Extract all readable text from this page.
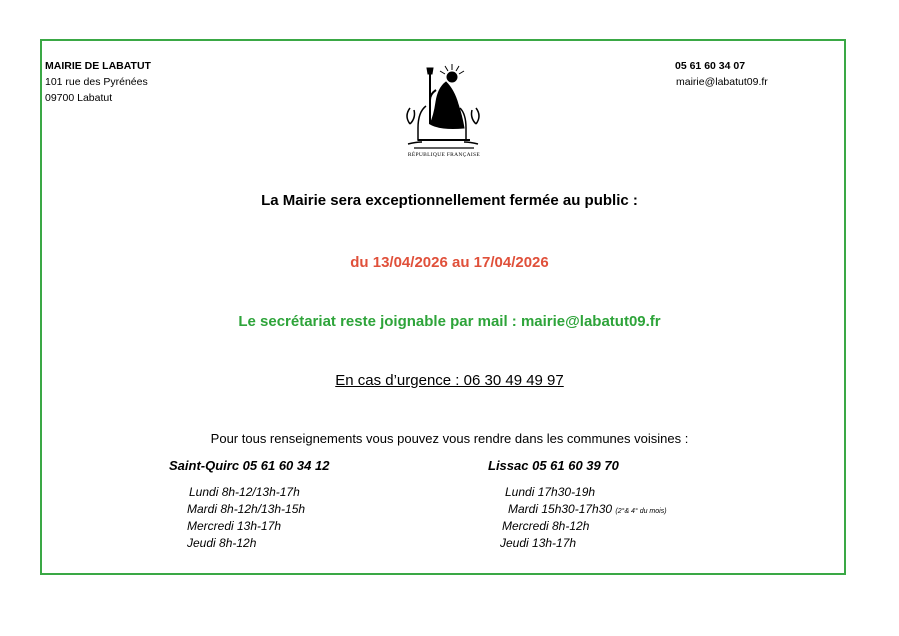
MAIRIE DE LABATUT
101 rue des Pyrénées
09700 Labatut
05 61 60 34 07
mairie@labatut09.fr
RÉPUBLIQUE FRANÇAISE
La Mairie sera exceptionnellement fermée au public :
du 13/04/2026 au 17/04/2026
Le secrétariat reste joignable par mail : mairie@labatut09.fr
En cas d’urgence : 06 30 49 49 97
Pour tous renseignements vous pouvez vous rendre dans les communes voisines :
Saint-Quirc 05 61 60 34 12
Lundi 8h-12/13h-17h
Mardi 8h-12h/13h-15h
Mercredi 13h-17h
Jeudi 8h-12h
Lissac 05 61 60 39 70
Lundi 17h30-19h
Mardi 15h30-17h30 (2°& 4° du mois)
Mercredi 8h-12h
Jeudi 13h-17h
